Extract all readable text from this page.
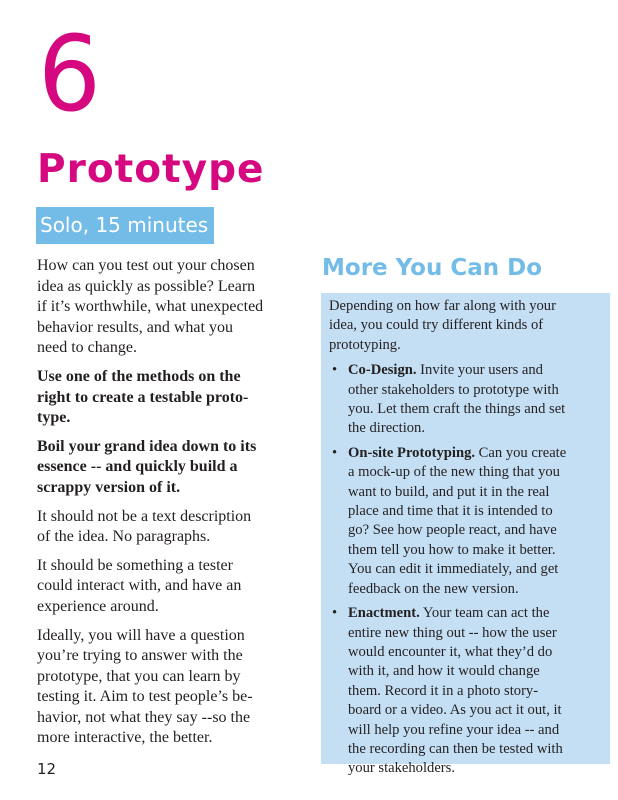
6
Prototype
Solo, 15 minutes

How can you test out your chosen
idea as quickly as possible? Learn
if it’s worthwhile, what unexpected
behavior results, and what you
need to change.

Use one of the methods on the
right to create a testable proto-
type.

Boil your grand idea down to its
essence -- and quickly build a
scrappy version of it.

It should not be a text description
of the idea. No paragraphs.

It should be something a tester
could interact with, and have an
experience around.

Ideally, you will have a question
you’re trying to answer with the
prototype, that you can learn by
testing it. Aim to test people’s be-
havior, not what they say --so the
more interactive, the better.

More You Can Do
Depending on how far along with your
idea, you could try different kinds of
prototyping.
• Co-Design. Invite your users and
other stakeholders to prototype with
you. Let them craft the things and set
the direction.
• On-site Prototyping. Can you create
a mock-up of the new thing that you
want to build, and put it in the real
place and time that it is intended to
go? See how people react, and have
them tell you how to make it better.
You can edit it immediately, and get
feedback on the new version.
• Enactment. Your team can act the
entire new thing out -- how the user
would encounter it, what they’d do
with it, and how it would change
them. Record it in a photo story-
board or a video. As you act it out, it
will help you refine your idea -- and
the recording can then be tested with
your stakeholders.
12
